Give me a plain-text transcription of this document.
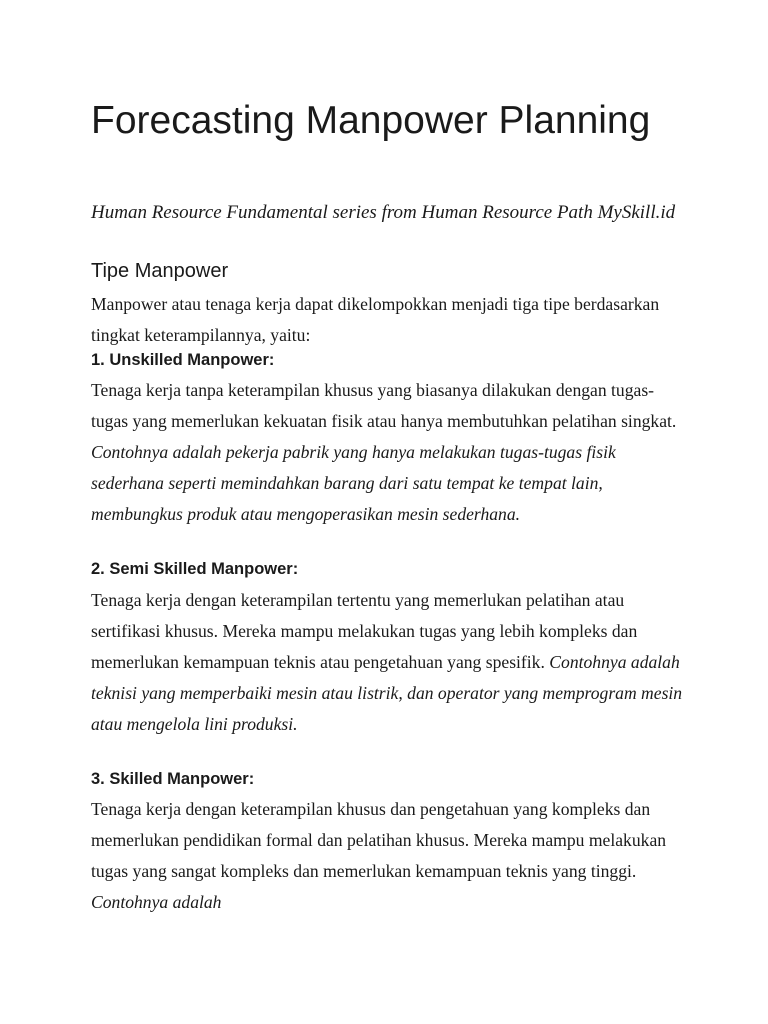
Forecasting Manpower Planning

Human Resource Fundamental series from Human Resource Path MySkill.id

Tipe Manpower

Manpower atau tenaga kerja dapat dikelompokkan menjadi tiga tipe berdasarkan tingkat keterampilannya, yaitu:

1. Unskilled Manpower:

Tenaga kerja tanpa keterampilan khusus yang biasanya dilakukan dengan tugas-tugas yang memerlukan kekuatan fisik atau hanya membutuhkan pelatihan singkat. Contohnya adalah pekerja pabrik yang hanya melakukan tugas-tugas fisik sederhana seperti memindahkan barang dari satu tempat ke tempat lain, membungkus produk atau mengoperasikan mesin sederhana.

2. Semi Skilled Manpower:

Tenaga kerja dengan keterampilan tertentu yang memerlukan pelatihan atau sertifikasi khusus. Mereka mampu melakukan tugas yang lebih kompleks dan memerlukan kemampuan teknis atau pengetahuan yang spesifik. Contohnya adalah teknisi yang memperbaiki mesin atau listrik, dan operator yang memprogram mesin atau mengelola lini produksi.

3. Skilled Manpower:

Tenaga kerja dengan keterampilan khusus dan pengetahuan yang kompleks dan memerlukan pendidikan formal dan pelatihan khusus. Mereka mampu melakukan tugas yang sangat kompleks dan memerlukan kemampuan teknis yang tinggi. Contohnya adalah
